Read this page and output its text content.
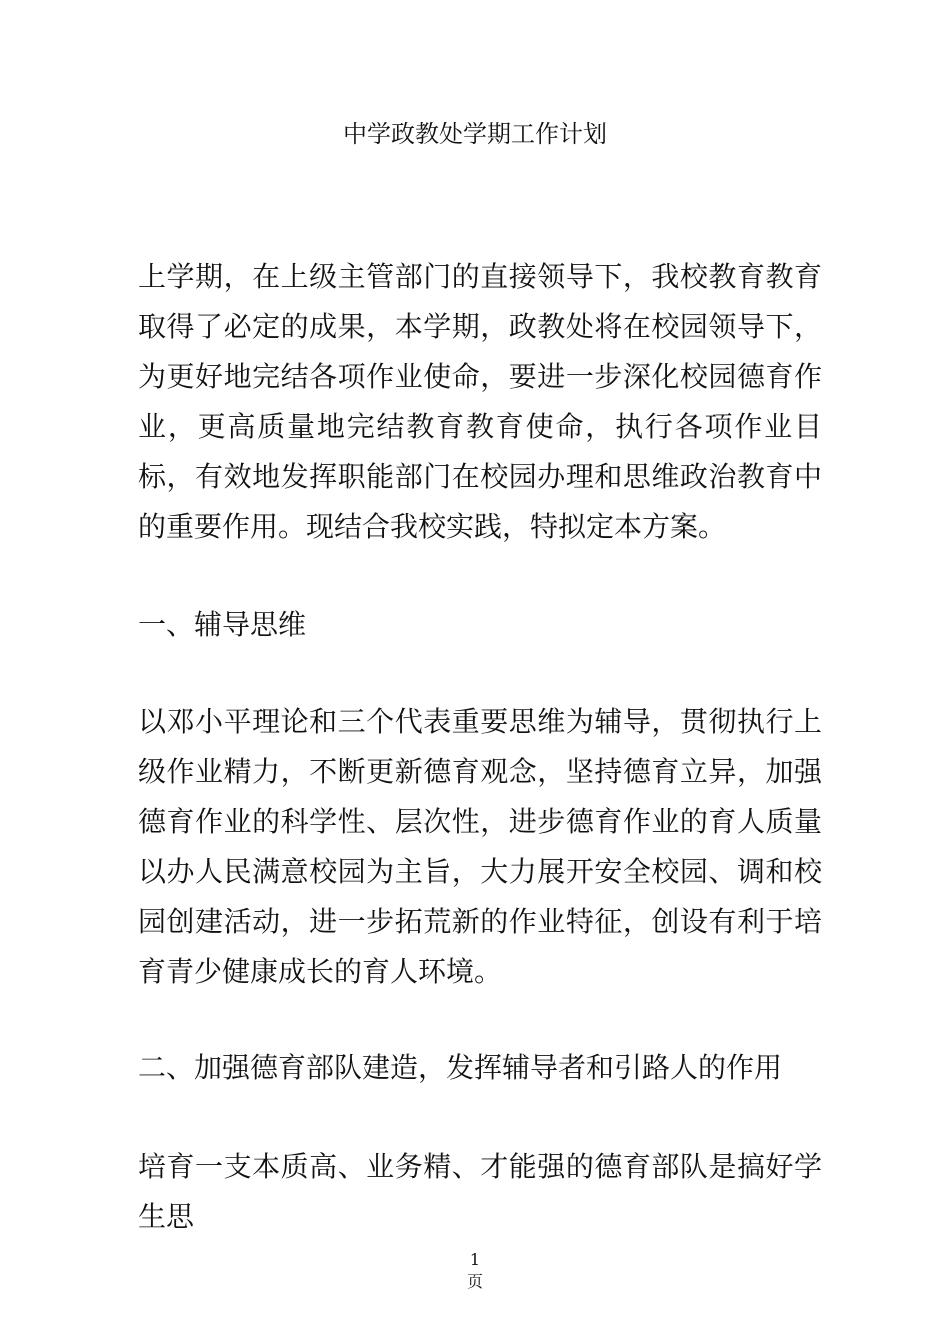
中学政教处学期工作计划

上学期，在上级主管部门的直接领导下，我校教育教育取得了必定的成果，本学期，政教处将在校园领导下，为更好地完结各项作业使命，要进一步深化校园德育作业，更高质量地完结教育教育使命，执行各项作业目标，有效地发挥职能部门在校园办理和思维政治教育中的重要作用。现结合我校实践，特拟定本方案。

一、辅导思维

以邓小平理论和三个代表重要思维为辅导，贯彻执行上级作业精力，不断更新德育观念，坚持德育立异，加强德育作业的科学性、层次性，进步德育作业的育人质量以办人民满意校园为主旨，大力展开安全校园、调和校园创建活动，进一步拓荒新的作业特征，创设有利于培育青少健康成长的育人环境。

二、加强德育部队建造，发挥辅导者和引路人的作用

培育一支本质高、业务精、才能强的德育部队是搞好学生思

1
页
